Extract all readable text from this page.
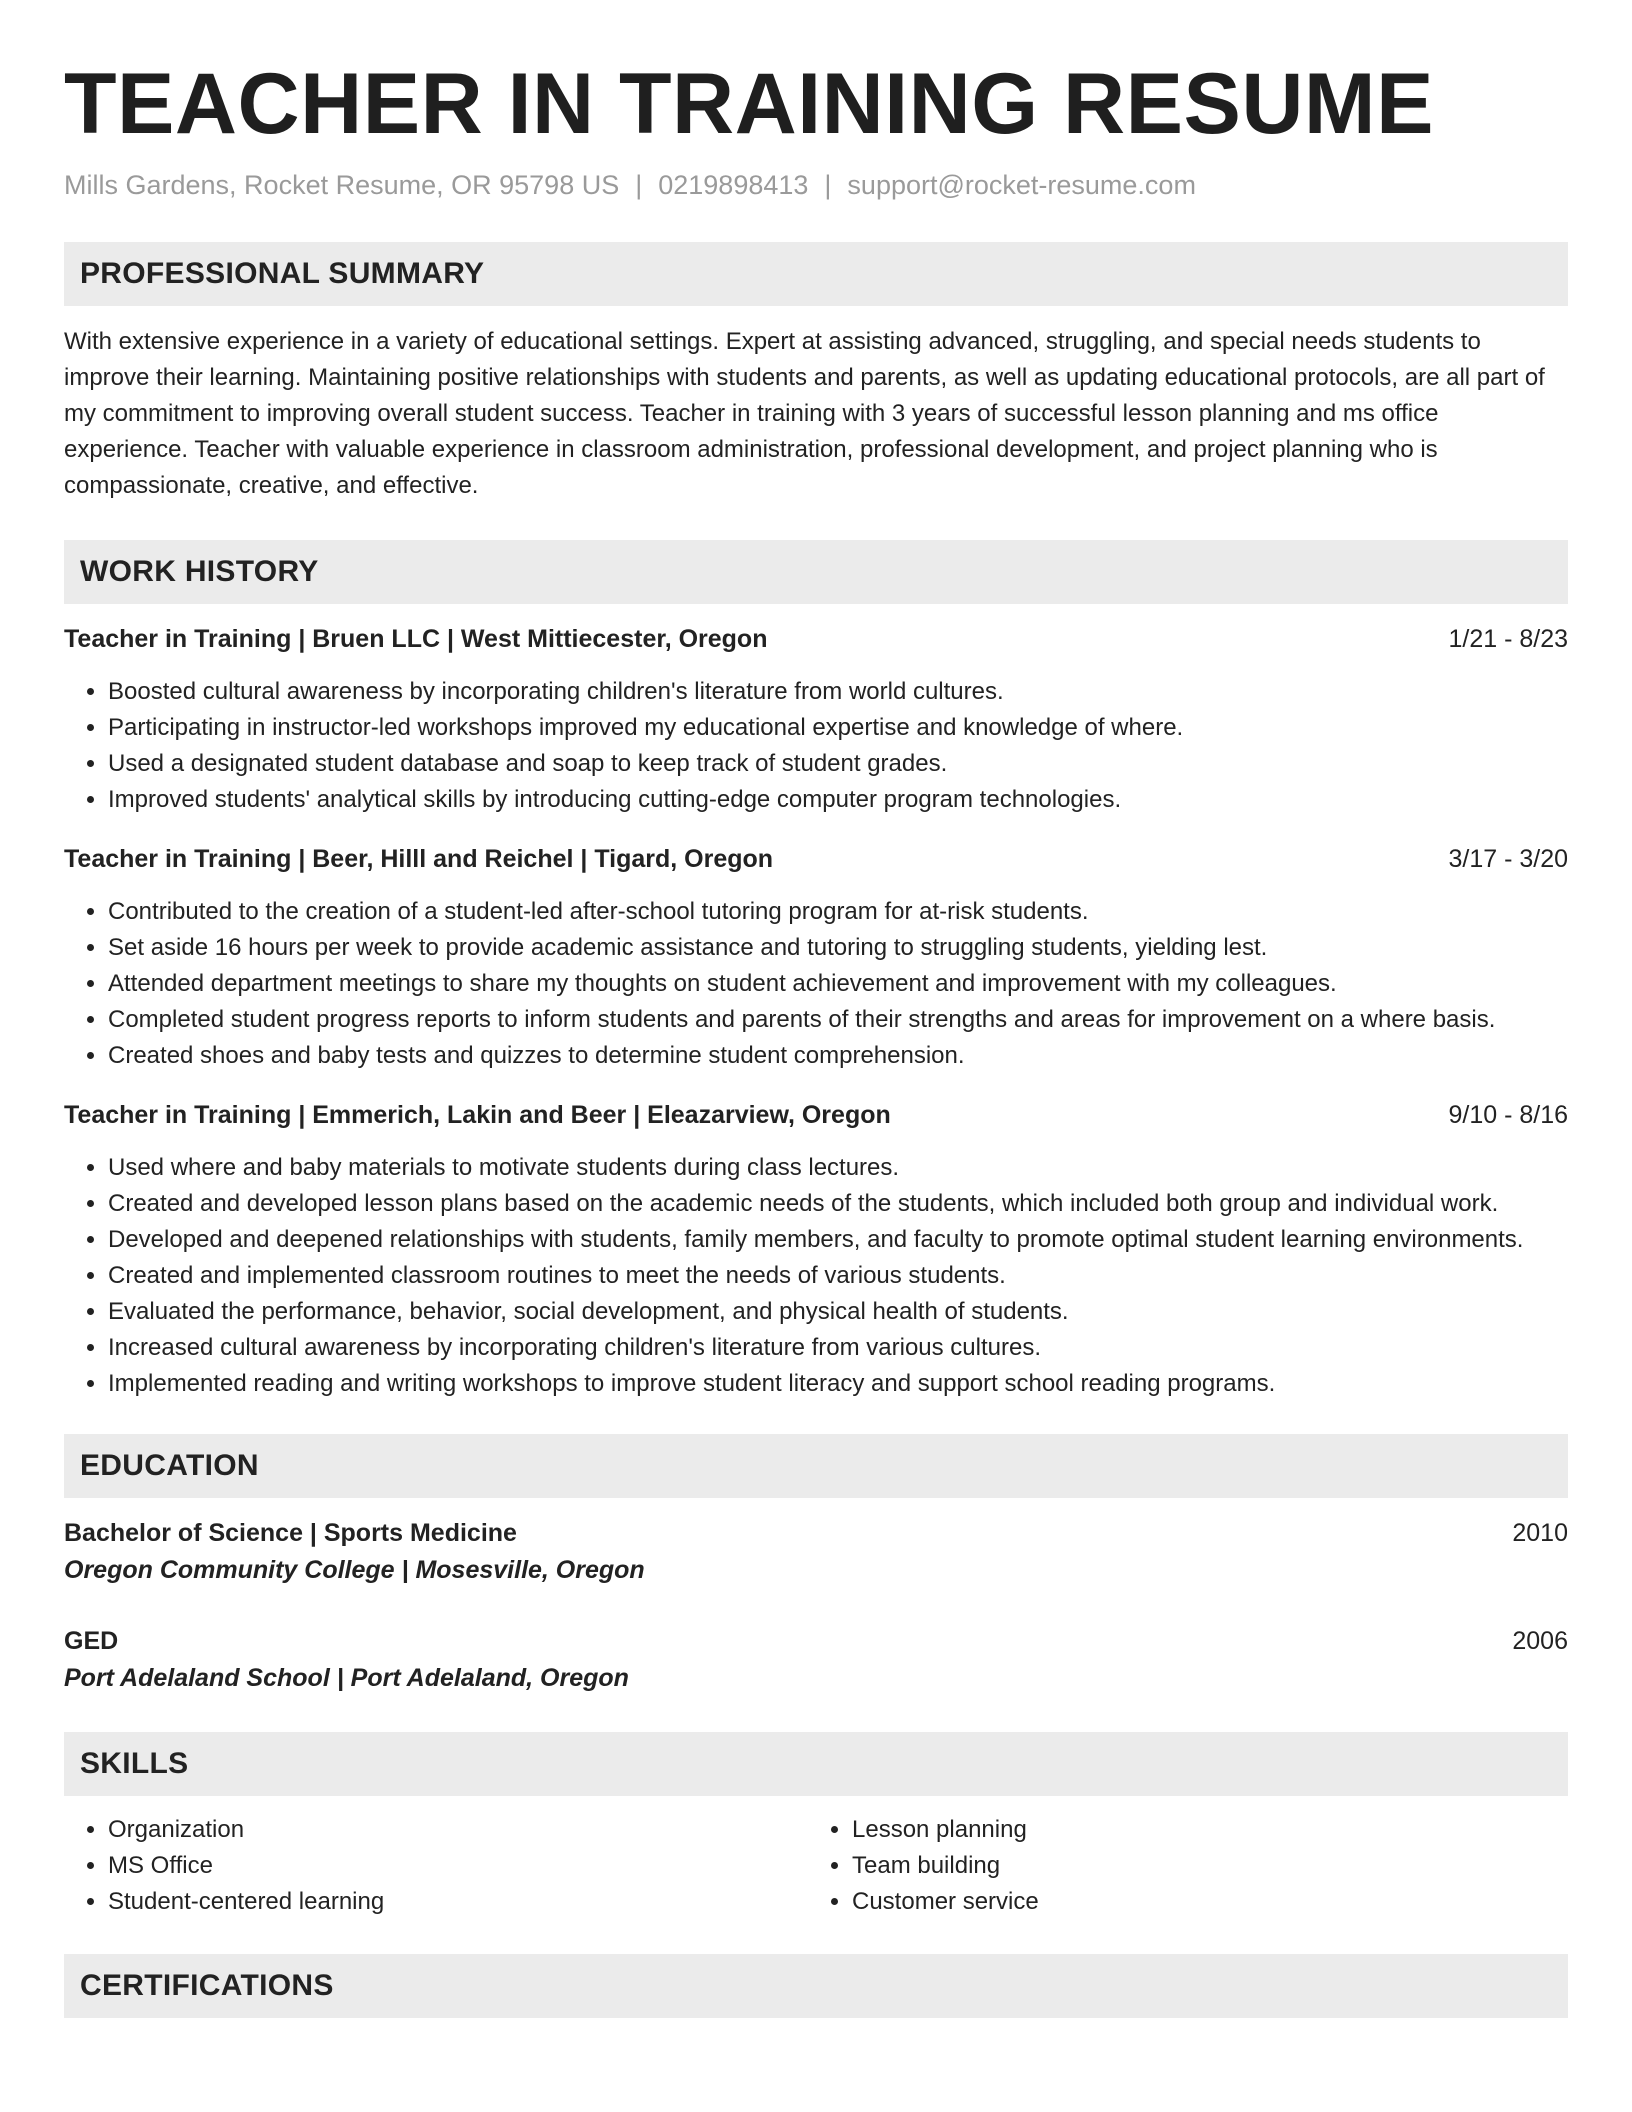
TEACHER IN TRAINING RESUME
Mills Gardens, Rocket Resume, OR 95798 US | 0219898413 | support@rocket-resume.com
PROFESSIONAL SUMMARY
With extensive experience in a variety of educational settings. Expert at assisting advanced, struggling, and special needs students to improve their learning. Maintaining positive relationships with students and parents, as well as updating educational protocols, are all part of my commitment to improving overall student success. Teacher in training with 3 years of successful lesson planning and ms office experience. Teacher with valuable experience in classroom administration, professional development, and project planning who is compassionate, creative, and effective.
WORK HISTORY
Teacher in Training | Bruen LLC | West Mittiecester, Oregon	1/21 - 8/23
• Boosted cultural awareness by incorporating children's literature from world cultures.
• Participating in instructor-led workshops improved my educational expertise and knowledge of where.
• Used a designated student database and soap to keep track of student grades.
• Improved students' analytical skills by introducing cutting-edge computer program technologies.
Teacher in Training | Beer, Hilll and Reichel | Tigard, Oregon	3/17 - 3/20
• Contributed to the creation of a student-led after-school tutoring program for at-risk students.
• Set aside 16 hours per week to provide academic assistance and tutoring to struggling students, yielding lest.
• Attended department meetings to share my thoughts on student achievement and improvement with my colleagues.
• Completed student progress reports to inform students and parents of their strengths and areas for improvement on a where basis.
• Created shoes and baby tests and quizzes to determine student comprehension.
Teacher in Training | Emmerich, Lakin and Beer | Eleazarview, Oregon	9/10 - 8/16
• Used where and baby materials to motivate students during class lectures.
• Created and developed lesson plans based on the academic needs of the students, which included both group and individual work.
• Developed and deepened relationships with students, family members, and faculty to promote optimal student learning environments.
• Created and implemented classroom routines to meet the needs of various students.
• Evaluated the performance, behavior, social development, and physical health of students.
• Increased cultural awareness by incorporating children's literature from various cultures.
• Implemented reading and writing workshops to improve student literacy and support school reading programs.
EDUCATION
Bachelor of Science | Sports Medicine	2010
Oregon Community College | Mosesville, Oregon
GED	2006
Port Adelaland School | Port Adelaland, Oregon
SKILLS
• Organization
• MS Office
• Student-centered learning
• Lesson planning
• Team building
• Customer service
CERTIFICATIONS
